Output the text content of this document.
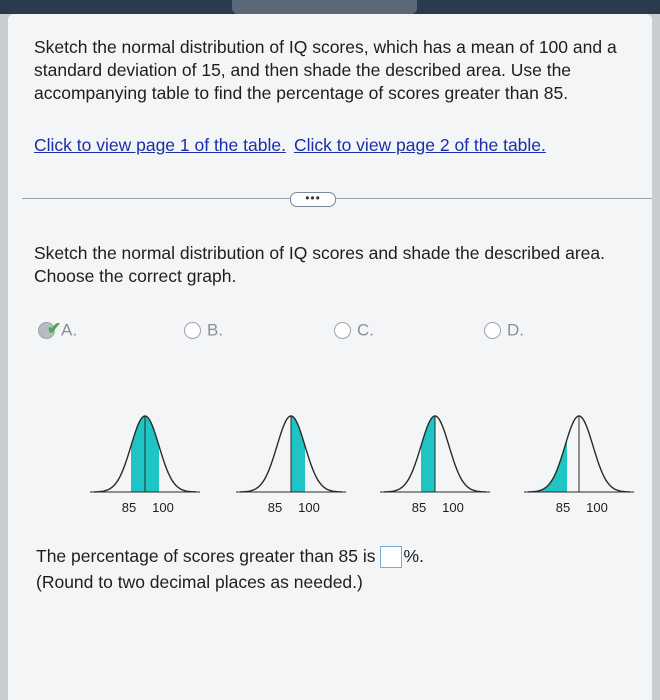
Sketch the normal distribution of IQ scores, which has a mean of 100 and a standard deviation of 15, and then shade the described area. Use the accompanying table to find the percentage of scores greater than 85.
Click to view page 1 of the table. Click to view page 2 of the table.
•••
Sketch the normal distribution of IQ scores and shade the described area. Choose the correct graph.
✔ A.	B.	C.	D.
85 100	85 100	85 100	85 100
The percentage of scores greater than 85 is %.
(Round to two decimal places as needed.)
